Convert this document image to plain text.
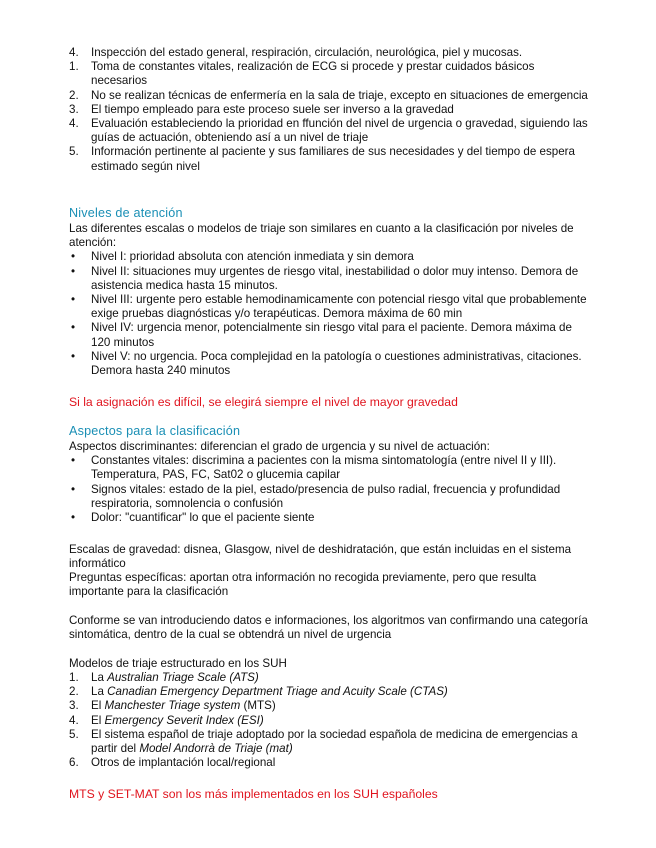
4. Inspección del estado general, respiración, circulación, neurológica, piel y mucosas.
1. Toma de constantes vitales, realización de ECG si procede y prestar cuidados básicos necesarios
2. No se realizan técnicas de enfermería en la sala de triaje, excepto en situaciones de emergencia
3. El tiempo empleado para este proceso suele ser inverso a la gravedad
4. Evaluación estableciendo la prioridad en ffunción del nivel de urgencia o gravedad, siguiendo las guías de actuación, obteniendo así a un nivel de triaje
5. Información pertinente al paciente y sus familiares de sus necesidades y del tiempo de espera estimado según nivel
Niveles de atención

Las diferentes escalas o modelos de triaje son similares en cuanto a la clasificación por niveles de atención:

• Nivel I: prioridad absoluta con atención inmediata y sin demora
• Nivel II: situaciones muy urgentes de riesgo vital, inestabilidad o dolor muy intenso. Demora de asistencia medica hasta 15 minutos.
• Nivel III: urgente pero estable hemodinamicamente con potencial riesgo vital que probablemente exige pruebas diagnósticas y/o terapéuticas. Demora máxima de 60 min
• Nivel IV: urgencia menor, potencialmente sin riesgo vital para el paciente. Demora máxima de 120 minutos
• Nivel V: no urgencia. Poca complejidad en la patología o cuestiones administrativas, citaciones. Demora hasta 240 minutos
Si la asignación es difícil, se elegirá siempre el nivel de mayor gravedad
Aspectos para la clasificación

Aspectos discriminantes: diferencian el grado de urgencia y su nivel de actuación:

• Constantes vitales: discrimina a pacientes con la misma sintomatología (entre nivel II y III). Temperatura, PAS, FC, Sat02 o glucemia capilar
• Signos vitales: estado de la piel, estado/presencia de pulso radial, frecuencia y profundidad respiratoria, somnolencia o confusión
• Dolor: "cuantificar" lo que el paciente siente

Escalas de gravedad: disnea, Glasgow, nivel de deshidratación, que están incluidas en el sistema informático

Preguntas específicas: aportan otra información no recogida previamente, pero que resulta importante para la clasificación

Conforme se van introduciendo datos e informaciones, los algoritmos van confirmando una categoría sintomática, dentro de la cual se obtendrá un nivel de urgencia

Modelos de triaje estructurado en los SUH
1. La Australian Triage Scale (ATS)
2. La Canadian Emergency Department Triage and Acuity Scale (CTAS)
3. El Manchester Triage system (MTS)
4. El Emergency Severit Index (ESI)
5. El sistema español de triaje adoptado por la sociedad española de medicina de emergencias a partir del Model Andorrà de Triaje (mat)
6. Otros de implantación local/regional
MTS y SET-MAT son los más implementados en los SUH españoles
